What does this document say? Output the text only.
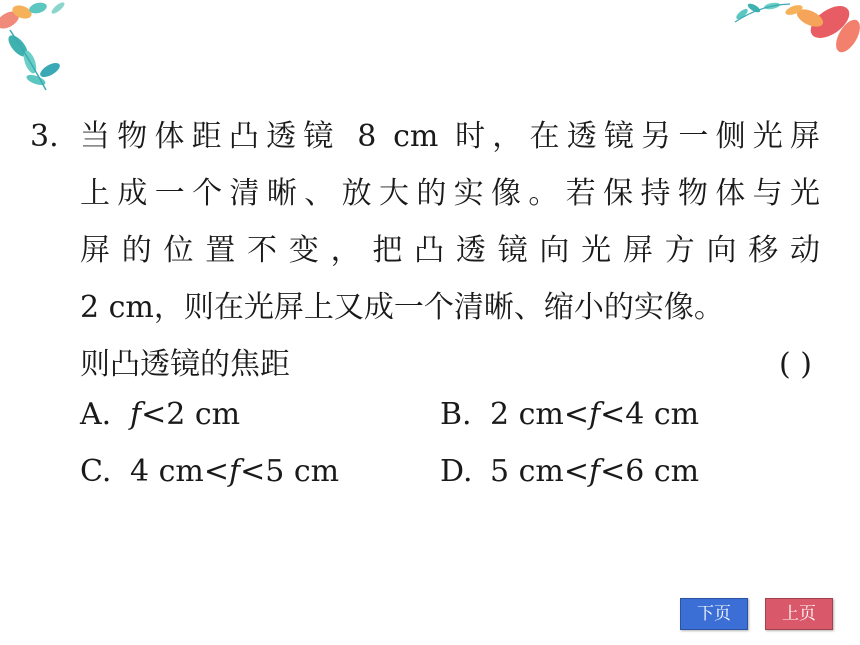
3. 当物体距凸透镜 8 cm 时，在透镜另一侧光屏
上成一个清晰、放大的实像。若保持物体与光
屏的位置不变，把凸透镜向光屏方向移动
2 cm，则在光屏上又成一个清晰、缩小的实像。
则凸透镜的焦距	( )
A. f<2 cm	B. 2 cm<f<4 cm
C. 4 cm<f<5 cm	D. 5 cm<f<6 cm
下页	上页
